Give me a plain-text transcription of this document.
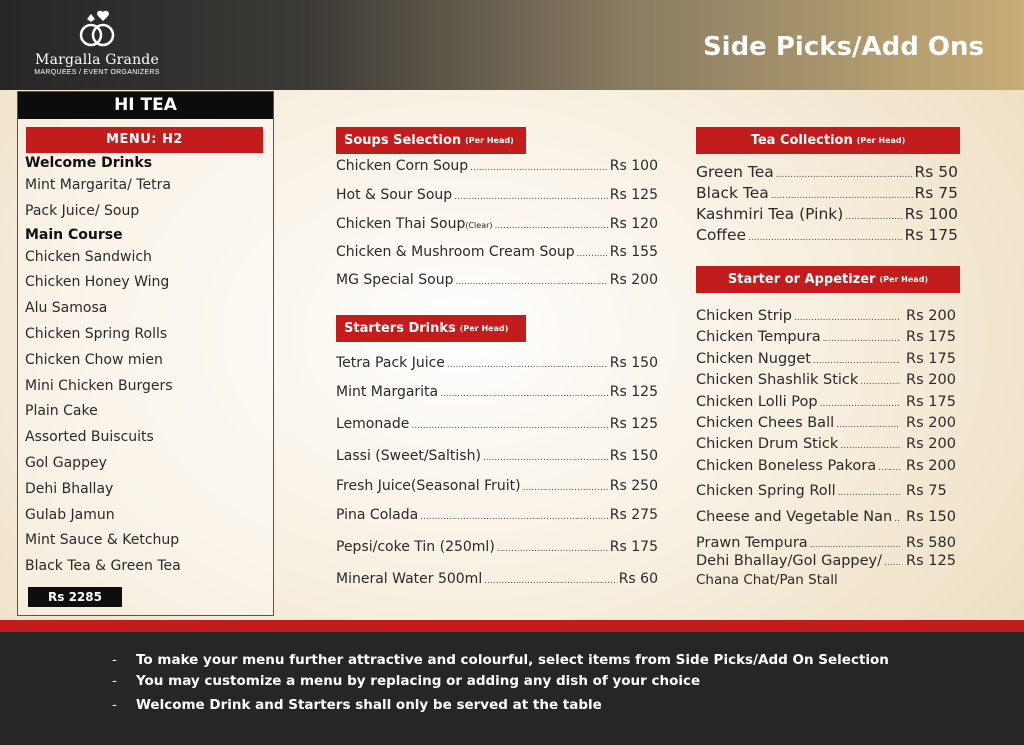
Margalla Grande
MARQUEES / EVENT ORGANIZERS
Side Picks/Add Ons
HI TEA
MENU: H2
Welcome Drinks
Mint Margarita/ Tetra
Pack Juice/ Soup
Main Course
Chicken Sandwich
Chicken Honey Wing
Alu Samosa
Chicken Spring Rolls
Chicken Chow mien
Mini Chicken Burgers
Plain Cake
Assorted Buiscuits
Gol Gappey
Dehi Bhallay
Gulab Jamun
Mint Sauce & Ketchup
Black Tea & Green Tea
Rs 2285
Soups Selection (Per Head)
Chicken Corn Soup .....	Rs 100
Hot & Sour Soup .....	Rs 125
Chicken Thai Soup(Clear) .....	Rs 120
Chicken & Mushroom Cream Soup .....	Rs 155
MG Special Soup .....	Rs 200
Starters Drinks (Per Head)
Tetra Pack Juice .....	Rs 150
Mint Margarita .....	Rs 125
Lemonade .....	Rs 125
Lassi (Sweet/Saltish) .....	Rs 150
Fresh Juice(Seasonal Fruit) .....	Rs 250
Pina Colada .....	Rs 275
Pepsi/coke Tin (250ml) .....	Rs 175
Mineral Water 500ml .....	Rs 60
Tea Collection (Per Head)
Green Tea .....	Rs 50
Black Tea .....	Rs 75
Kashmiri Tea (Pink) .....	Rs 100
Coffee .....	Rs 175
Starter or Appetizer (Per Head)
Chicken Strip .....	Rs 200
Chicken Tempura .....	Rs 175
Chicken Nugget .....	Rs 175
Chicken Shashlik Stick .....	Rs 200
Chicken Lolli Pop .....	Rs 175
Chicken Chees Ball .....	Rs 200
Chicken Drum Stick .....	Rs 200
Chicken Boneless Pakora ..... Rs 200
Chicken Spring Roll .....	Rs 75
Cheese and Vegetable Nan ..... Rs 150
Prawn Tempura .....	Rs 580
Dehi Bhallay/Gol Gappey/ ..... Rs 125
Chana Chat/Pan Stall
- To make your menu further attractive and colourful, select items from Side Picks/Add On Selection
- You may customize a menu by replacing or adding any dish of your choice
- Welcome Drink and Starters shall only be served at the table
